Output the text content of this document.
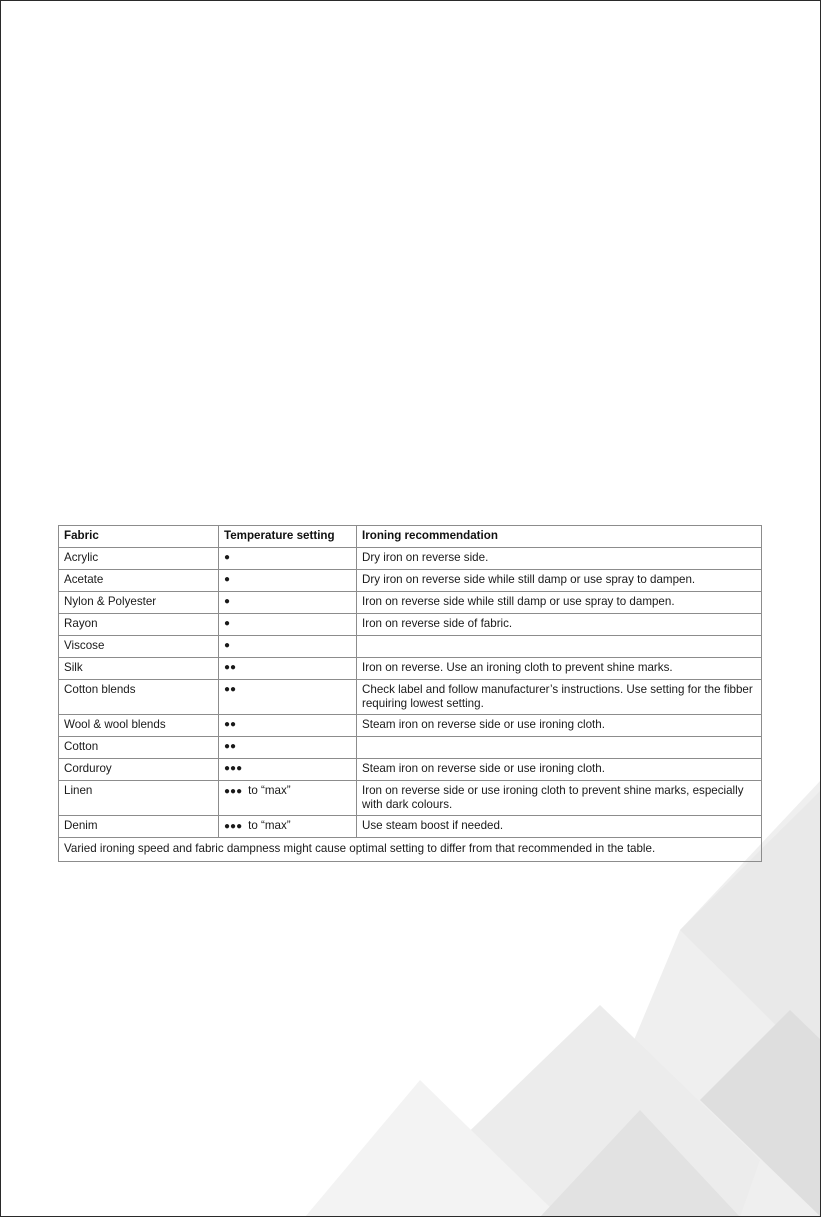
Fabric	Temperature setting	Ironing recommendation
Acrylic	●	Dry iron on reverse side.
Acetate	●	Dry iron on reverse side while still damp or use spray to dampen.
Nylon & Polyester	●	Iron on reverse side while still damp or use spray to dampen.
Rayon	●	Iron on reverse side of fabric.
Viscose	●	
Silk	●●	Iron on reverse. Use an ironing cloth to prevent shine marks.
Cotton blends	●●	Check label and follow manufacturer’s instructions. Use setting for the fibber requiring lowest setting.
Wool & wool blends	●●	Steam iron on reverse side or use ironing cloth.
Cotton	●●	
Corduroy	●●●	Steam iron on reverse side or use ironing cloth.
Linen	●●● to “max”	Iron on reverse side or use ironing cloth to prevent shine marks, especially with dark colours.
Denim	●●● to “max”	Use steam boost if needed.
Varied ironing speed and fabric dampness might cause optimal setting to differ from that recommended in the table.		
